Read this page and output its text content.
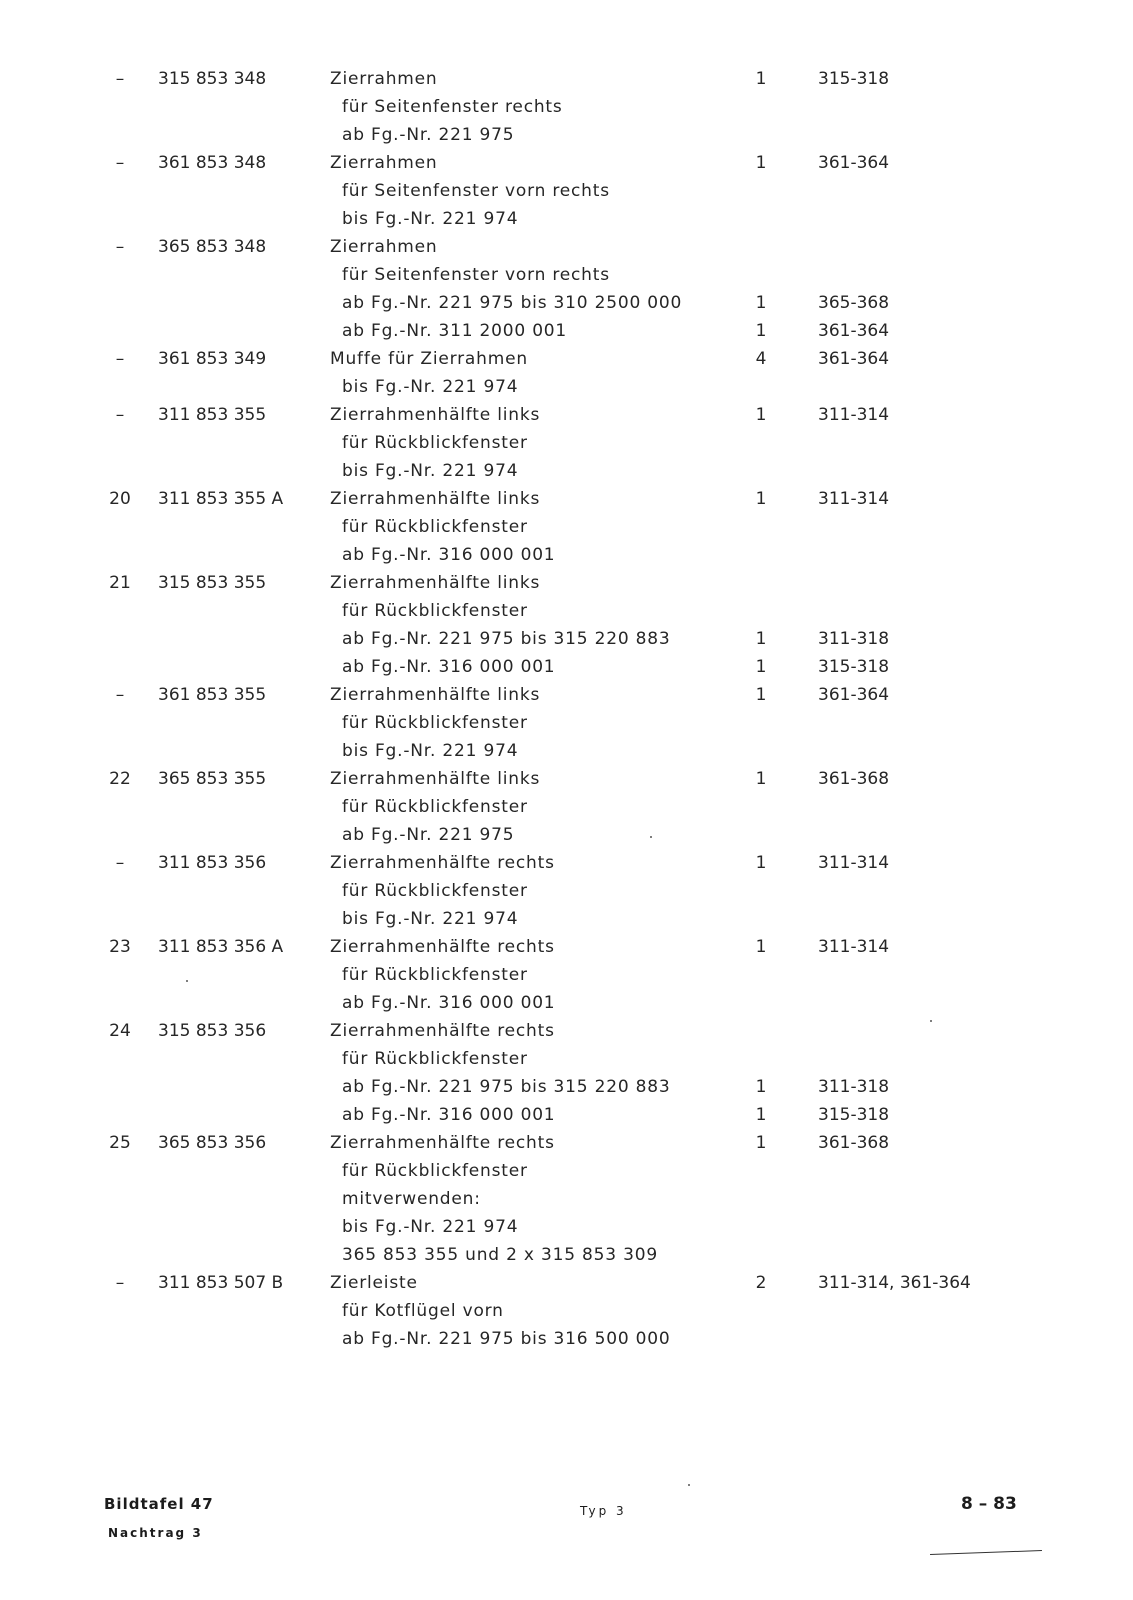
–	315 853 348	Zierrahmen	1	315-318
für Seitenfenster rechts
ab Fg.-Nr. 221 975
–	361 853 348	Zierrahmen	1	361-364
für Seitenfenster vorn rechts
bis Fg.-Nr. 221 974
–	365 853 348	Zierrahmen
für Seitenfenster vorn rechts
ab Fg.-Nr. 221 975 bis 310 2500 000	1	365-368
ab Fg.-Nr. 311 2000 001	1	361-364
–	361 853 349	Muffe für Zierrahmen	4	361-364
bis Fg.-Nr. 221 974
–	311 853 355	Zierrahmenhälfte links	1	311-314
für Rückblickfenster
bis Fg.-Nr. 221 974
20	311 853 355 A	Zierrahmenhälfte links	1	311-314
für Rückblickfenster
ab Fg.-Nr. 316 000 001
21	315 853 355	Zierrahmenhälfte links
für Rückblickfenster
ab Fg.-Nr. 221 975 bis 315 220 883	1	311-318
ab Fg.-Nr. 316 000 001	1	315-318
–	361 853 355	Zierrahmenhälfte links	1	361-364
für Rückblickfenster
bis Fg.-Nr. 221 974
22	365 853 355	Zierrahmenhälfte links	1	361-368
für Rückblickfenster
ab Fg.-Nr. 221 975
–	311 853 356	Zierrahmenhälfte rechts	1	311-314
für Rückblickfenster
bis Fg.-Nr. 221 974
23	311 853 356 A	Zierrahmenhälfte rechts	1	311-314
für Rückblickfenster
ab Fg.-Nr. 316 000 001
24	315 853 356	Zierrahmenhälfte rechts
für Rückblickfenster
ab Fg.-Nr. 221 975 bis 315 220 883	1	311-318
ab Fg.-Nr. 316 000 001	1	315-318
25	365 853 356	Zierrahmenhälfte rechts	1	361-368
für Rückblickfenster
mitverwenden:
bis Fg.-Nr. 221 974
365 853 355 und 2 x 315 853 309
–	311 853 507 B	Zierleiste	2	311-314, 361-364
für Kotflügel vorn
ab Fg.-Nr. 221 975 bis 316 500 000
Bildtafel 47
Nachtrag 3
Typ 3	8 – 83
